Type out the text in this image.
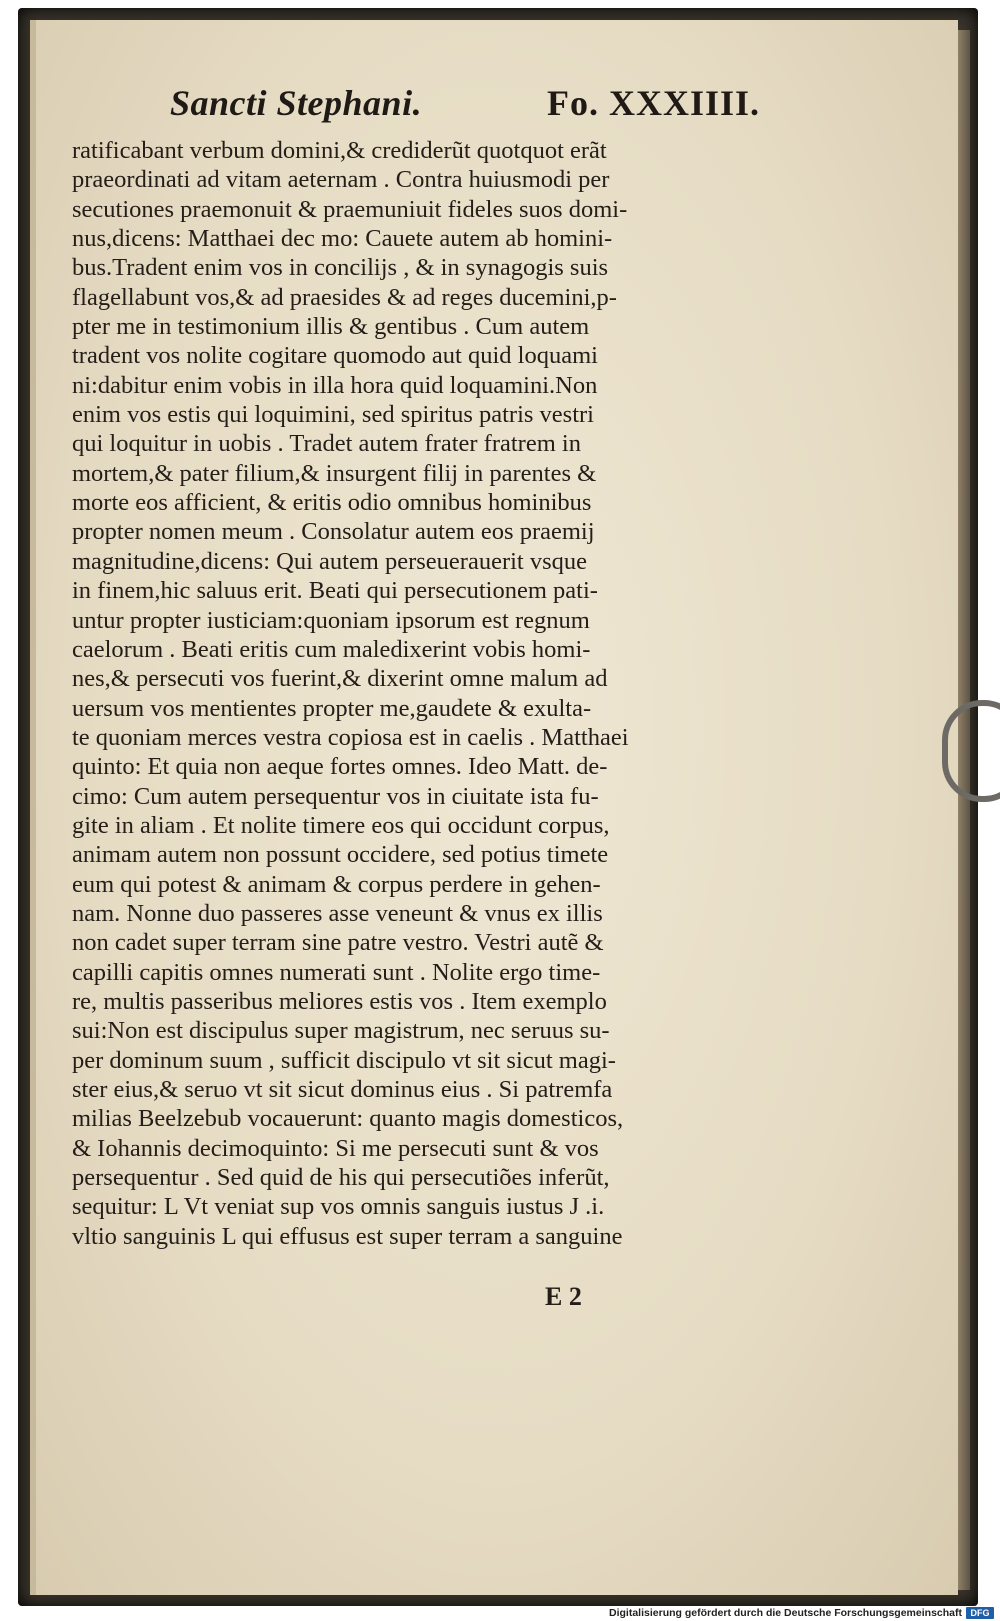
Sancti Stephani.	Fo. XXXIIII.
ratificabant verbum domini,& crediderũt quotquot erãt
praeordinati ad vitam aeternam . Contra huiusmodi per
secutiones praemonuit & praemuniuit fideles suos domi-
nus,dicens: Matthaei dec mo: Cauete autem ab homini-
bus.Tradent enim vos in concilijs , & in synagogis suis
flagellabunt vos,& ad praesides & ad reges ducemini,p-
pter me in testimonium illis & gentibus . Cum autem
tradent vos nolite cogitare quomodo aut quid loquami
ni:dabitur enim vobis in illa hora quid loquamini.Non
enim vos estis qui loquimini, sed spiritus patris vestri
qui loquitur in uobis . Tradet autem frater fratrem in
mortem,& pater filium,& insurgent filij in parentes &
morte eos afficient, & eritis odio omnibus hominibus
propter nomen meum . Consolatur autem eos praemij
magnitudine,dicens: Qui autem perseuerauerit vsque
in finem,hic saluus erit. Beati qui persecutionem pati-
untur propter iusticiam:quoniam ipsorum est regnum
caelorum . Beati eritis cum maledixerint vobis homi-
nes,& persecuti vos fuerint,& dixerint omne malum ad
uersum vos mentientes propter me,gaudete & exulta-
te quoniam merces vestra copiosa est in caelis . Matthaei
quinto: Et quia non aeque fortes omnes. Ideo Matt. de-
cimo: Cum autem persequentur vos in ciuitate ista fu-
gite in aliam . Et nolite timere eos qui occidunt corpus,
animam autem non possunt occidere, sed potius timete
eum qui potest & animam & corpus perdere in gehen-
nam. Nonne duo passeres asse veneunt & vnus ex illis
non cadet super terram sine patre vestro. Vestri autẽ &
capilli capitis omnes numerati sunt . Nolite ergo time-
re, multis passeribus meliores estis vos . Item exemplo
sui:Non est discipulus super magistrum, nec seruus su-
per dominum suum , sufficit discipulo vt sit sicut magi-
ster eius,& seruo vt sit sicut dominus eius . Si patremfa
milias Beelzebub vocauerunt: quanto magis domesticos,
& Iohannis decimoquinto: Si me persecuti sunt & vos
persequentur . Sed quid de his qui persecutiões inferũt,
sequitur: L Vt veniat sup vos omnis sanguis iustus J .i.
vltio sanguinis L qui effusus est super terram a sanguine
E 2
Digitalisierung gefördert durch die Deutsche Forschungsgemeinschaft DFG
